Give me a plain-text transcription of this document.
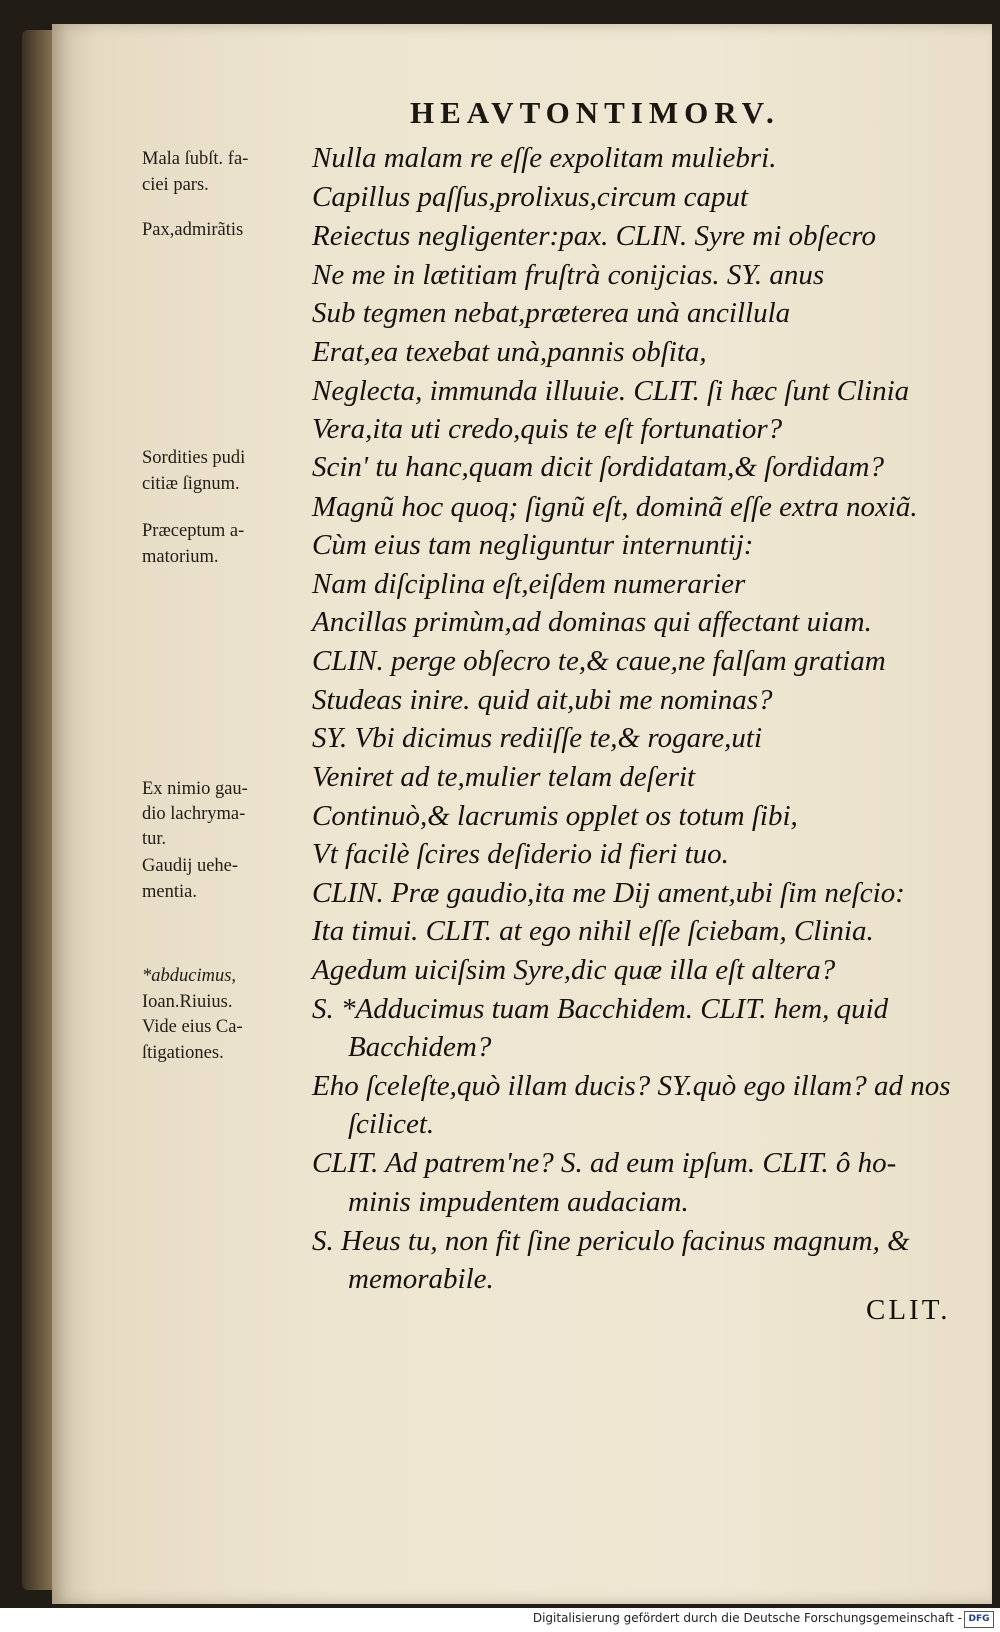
HEAVTONTIMORV.
Mala ſubſt. fa-
ciei pars.
Pax,admirãtis
Sordities pudi
citiæ ſignum.
Præceptum a-
matorium.
Ex nimio gau-
dio lachryma-
tur.
Gaudij uehe-
mentia.
*abducimus,
Ioan.Riuius.
Vide eius Ca-
ſtigationes.
Nulla malam re eſſe expolitam muliebri.
Capillus paſſus,prolixus,circum caput
Reiectus negligenter:pax. CLIN. Syre mi obſecro
Ne me in lætitiam fruſtrà conijcias. SY. anus
Sub tegmen nebat,præterea unà ancillula
Erat,ea texebat unà,pannis obſita,
Neglecta, immunda illuuie. CLIT. ſi hæc ſunt Clinia
Vera,ita uti credo,quis te eſt fortunatior?
Scin' tu hanc,quam dicit ſordidatam,& ſordidam?
Magnũ hoc quoq; ſignũ eſt, dominã eſſe extra noxiã.
Cùm eius tam negliguntur internuntij:
Nam diſciplina eſt,eiſdem numerarier
Ancillas primùm,ad dominas qui affectant uiam.
CLIN. perge obſecro te,& caue,ne falſam gratiam
Studeas inire. quid ait,ubi me nominas?
SY. Vbi dicimus rediiſſe te,& rogare,uti
Veniret ad te,mulier telam deſerit
Continuò,& lacrumis opplet os totum ſibi,
Vt facilè ſcires deſiderio id fieri tuo.
CLIN. Præ gaudio,ita me Dij ament,ubi ſim neſcio:
Ita timui. CLIT. at ego nihil eſſe ſciebam, Clinia.
Agedum uiciſsim Syre,dic quæ illa eſt altera?
S. *Adducimus tuam Bacchidem. CLIT. hem, quid
Bacchidem?
Eho ſceleſte,quò illam ducis? SY.quò ego illam? ad nos
ſcilicet.
CLIT. Ad patrem'ne? S. ad eum ipſum. CLIT. ô ho-
minis impudentem audaciam.
S. Heus tu, non fit ſine periculo facinus magnum, &
memorabile.
CLIT.
Digitalisierung gefördert durch die Deutsche Forschungsgemeinschaft - DFG
